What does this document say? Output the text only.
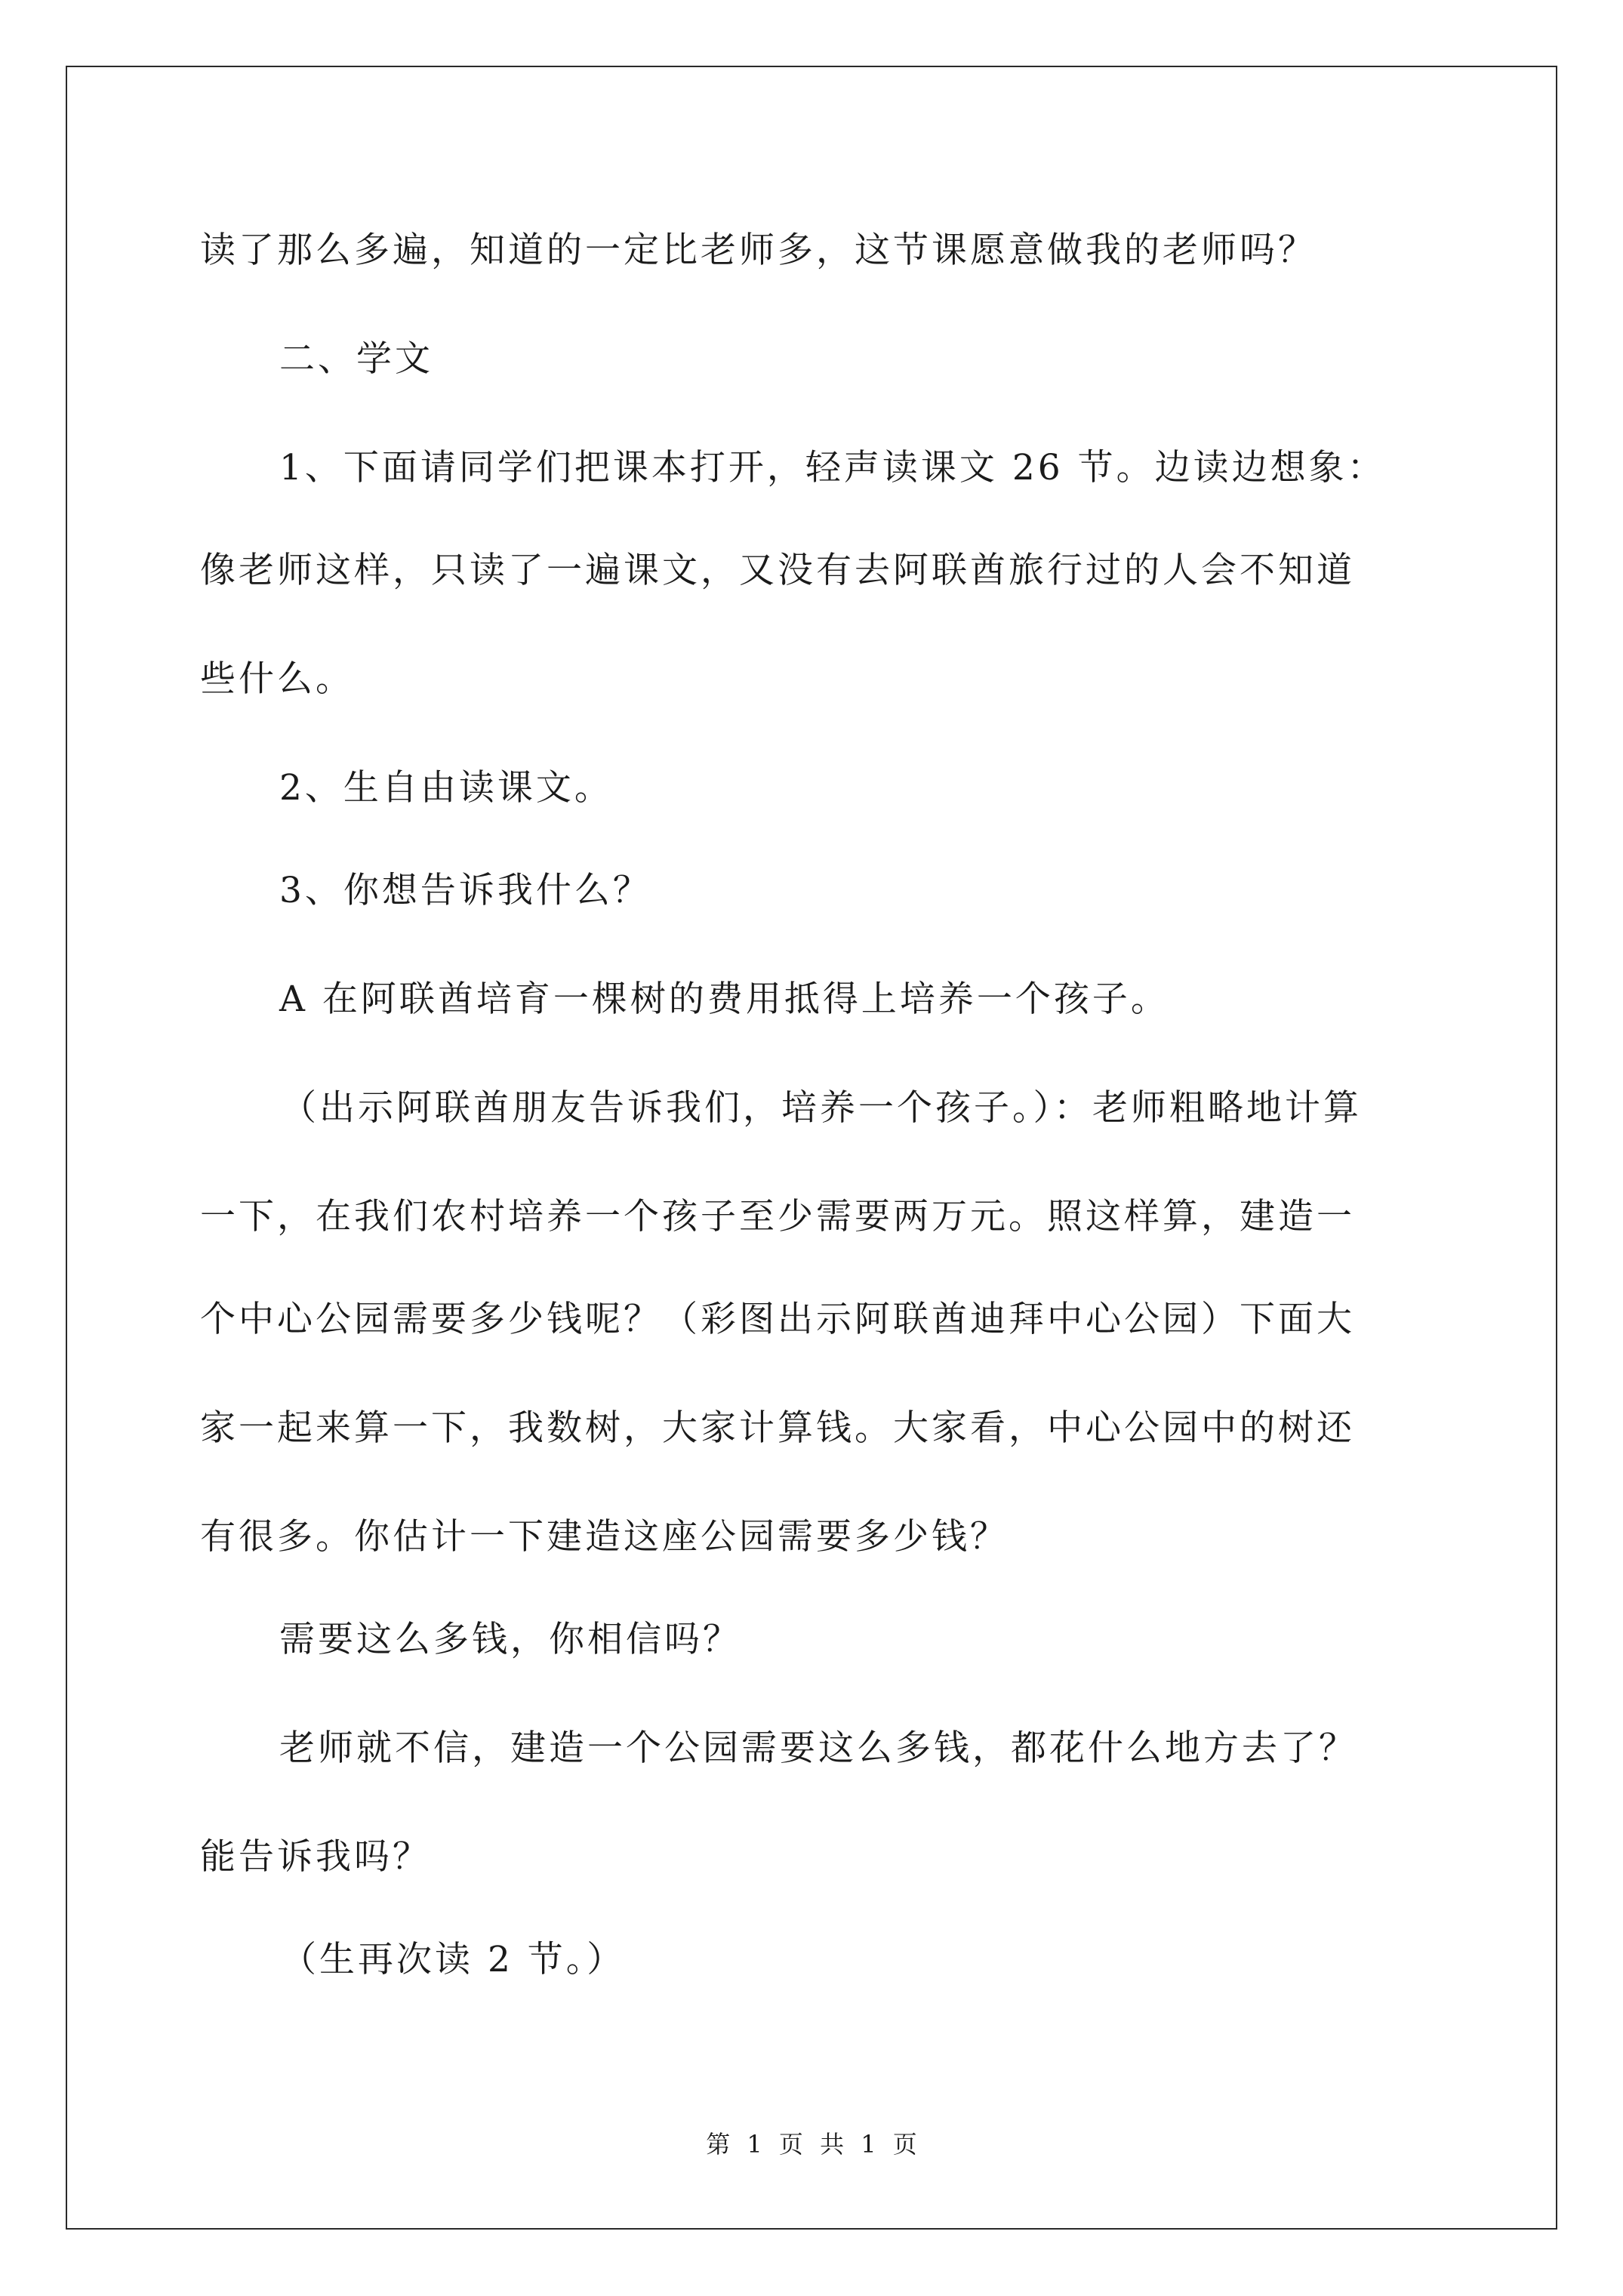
读了那么多遍，知道的一定比老师多，这节课愿意做我的老师吗？
二、学文
1、下面请同学们把课本打开，轻声读课文 26 节。边读边想象：
像老师这样，只读了一遍课文，又没有去阿联酋旅行过的人会不知道
些什么。
2、生自由读课文。
3、你想告诉我什么？
A 在阿联酋培育一棵树的费用抵得上培养一个孩子。
（出示阿联酋朋友告诉我们，培养一个孩子。）：老师粗略地计算
一下，在我们农村培养一个孩子至少需要两万元。照这样算，建造一
个中心公园需要多少钱呢？（彩图出示阿联酋迪拜中心公园）下面大
家一起来算一下，我数树，大家计算钱。大家看，中心公园中的树还
有很多。你估计一下建造这座公园需要多少钱？
需要这么多钱，你相信吗？
老师就不信，建造一个公园需要这么多钱，都花什么地方去了？
能告诉我吗？
（生再次读 2 节。）
第 1 页 共 1 页
